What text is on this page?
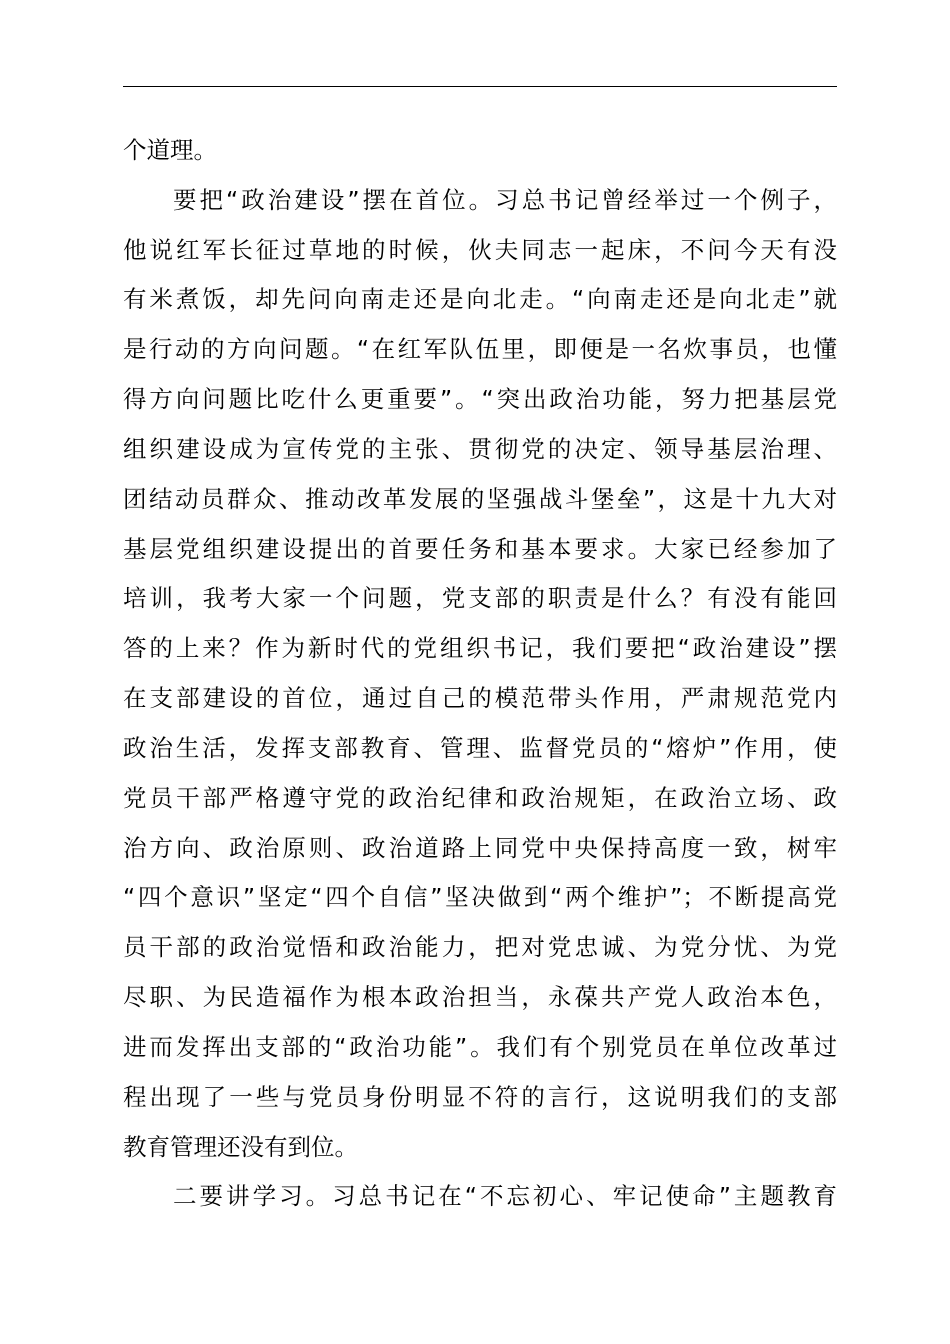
个道理。
要把“政治建设”摆在首位。习总书记曾经举过一个例子，
他说红军长征过草地的时候，伙夫同志一起床，不问今天有没
有米煮饭，却先问向南走还是向北走。“向南走还是向北走”就
是行动的方向问题。“在红军队伍里，即便是一名炊事员，也懂
得方向问题比吃什么更重要”。“突出政治功能，努力把基层党
组织建设成为宣传党的主张、贯彻党的决定、领导基层治理、
团结动员群众、推动改革发展的坚强战斗堡垒”，这是十九大对
基层党组织建设提出的首要任务和基本要求。大家已经参加了
培训，我考大家一个问题，党支部的职责是什么？有没有能回
答的上来？作为新时代的党组织书记，我们要把“政治建设”摆
在支部建设的首位，通过自己的模范带头作用，严肃规范党内
政治生活，发挥支部教育、管理、监督党员的“熔炉”作用，使
党员干部严格遵守党的政治纪律和政治规矩，在政治立场、政
治方向、政治原则、政治道路上同党中央保持高度一致，树牢
“四个意识”坚定“四个自信”坚决做到“两个维护”；不断提高党
员干部的政治觉悟和政治能力，把对党忠诚、为党分忧、为党
尽职、为民造福作为根本政治担当，永葆共产党人政治本色，
进而发挥出支部的“政治功能”。我们有个别党员在单位改革过
程出现了一些与党员身份明显不符的言行，这说明我们的支部
教育管理还没有到位。
二要讲学习。习总书记在“不忘初心、牢记使命”主题教育
